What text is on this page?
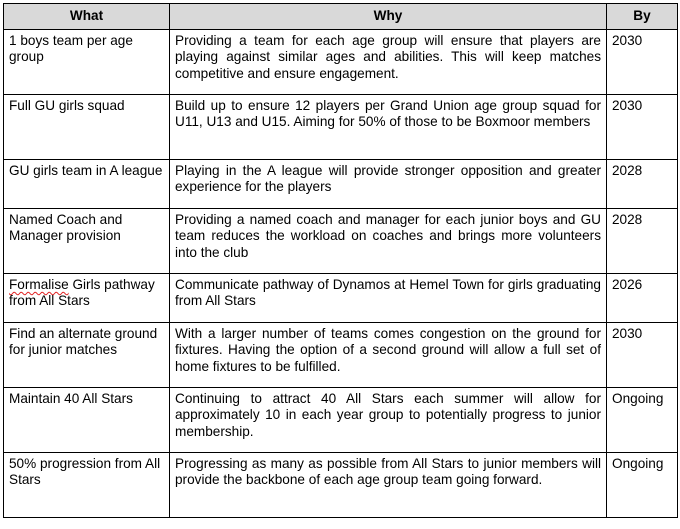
What	Why	By
1 boys team per age group	Providing a team for each age group will ensure that players are playing against similar ages and abilities. This will keep matches competitive and ensure engagement.	2030
Full GU girls squad	Build up to ensure 12 players per Grand Union age group squad for U11, U13 and U15. Aiming for 50% of those to be Boxmoor members	2030
GU girls team in A league	Playing in the A league will provide stronger opposition and greater experience for the players	2028
Named Coach and Manager provision	Providing a named coach and manager for each junior boys and GU team reduces the workload on coaches and brings more volunteers into the club	2028
Formalise Girls pathway from All Stars	Communicate pathway of Dynamos at Hemel Town for girls graduating from All Stars	2026
Find an alternate ground for junior matches	With a larger number of teams comes congestion on the ground for fixtures. Having the option of a second ground will allow a full set of home fixtures to be fulfilled.	2030
Maintain 40 All Stars	Continuing to attract 40 All Stars each summer will allow for approximately 10 in each year group to potentially progress to junior membership.	Ongoing
50% progression from All Stars	Progressing as many as possible from All Stars to junior members will provide the backbone of each age group team going forward.	Ongoing
